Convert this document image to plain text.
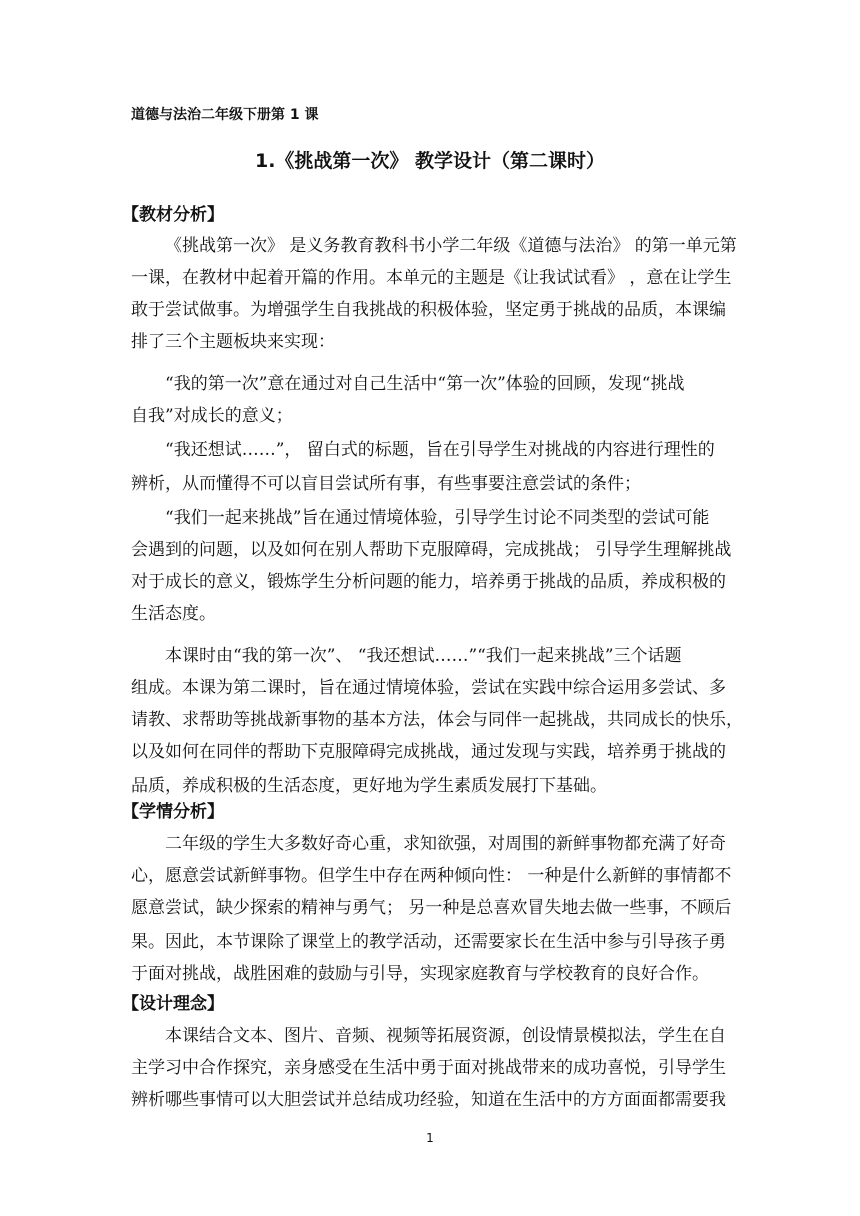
道德与法治二年级下册第 1 课
1.《挑战第一次》 教学设计（第二课时）
【教材分析】
《挑战第一次》 是义务教育教科书小学二年级《道德与法治》 的第一单元第
一课，在教材中起着开篇的作用。本单元的主题是《让我试试看》 ，意在让学生
敢于尝试做事。为增强学生自我挑战的积极体验，坚定勇于挑战的品质，本课编
排了三个主题板块来实现：
“我的第一次”意在通过对自己生活中“第一次”体验的回顾，发现“挑战
自我”对成长的意义；
“我还想试……”， 留白式的标题，旨在引导学生对挑战的内容进行理性的
辨析，从而懂得不可以盲目尝试所有事，有些事要注意尝试的条件；
“我们一起来挑战”旨在通过情境体验，引导学生讨论不同类型的尝试可能
会遇到的问题，以及如何在别人帮助下克服障碍，完成挑战； 引导学生理解挑战
对于成长的意义，锻炼学生分析问题的能力，培养勇于挑战的品质，养成积极的
生活态度。
本课时由“我的第一次”、 “我还想试……”“我们一起来挑战”三个话题
组成。本课为第二课时，旨在通过情境体验，尝试在实践中综合运用多尝试、多
请教、求帮助等挑战新事物的基本方法，体会与同伴一起挑战，共同成长的快乐，
以及如何在同伴的帮助下克服障碍完成挑战，通过发现与实践，培养勇于挑战的
品质，养成积极的生活态度，更好地为学生素质发展打下基础。
【学情分析】
二年级的学生大多数好奇心重，求知欲强，对周围的新鲜事物都充满了好奇
心，愿意尝试新鲜事物。但学生中存在两种倾向性： 一种是什么新鲜的事情都不
愿意尝试，缺少探索的精神与勇气； 另一种是总喜欢冒失地去做一些事，不顾后
果。因此，本节课除了课堂上的教学活动，还需要家长在生活中参与引导孩子勇
于面对挑战，战胜困难的鼓励与引导，实现家庭教育与学校教育的良好合作。
【设计理念】
本课结合文本、图片、音频、视频等拓展资源，创设情景模拟法，学生在自
主学习中合作探究，亲身感受在生活中勇于面对挑战带来的成功喜悦，引导学生
辨析哪些事情可以大胆尝试并总结成功经验，知道在生活中的方方面面都需要我
1
